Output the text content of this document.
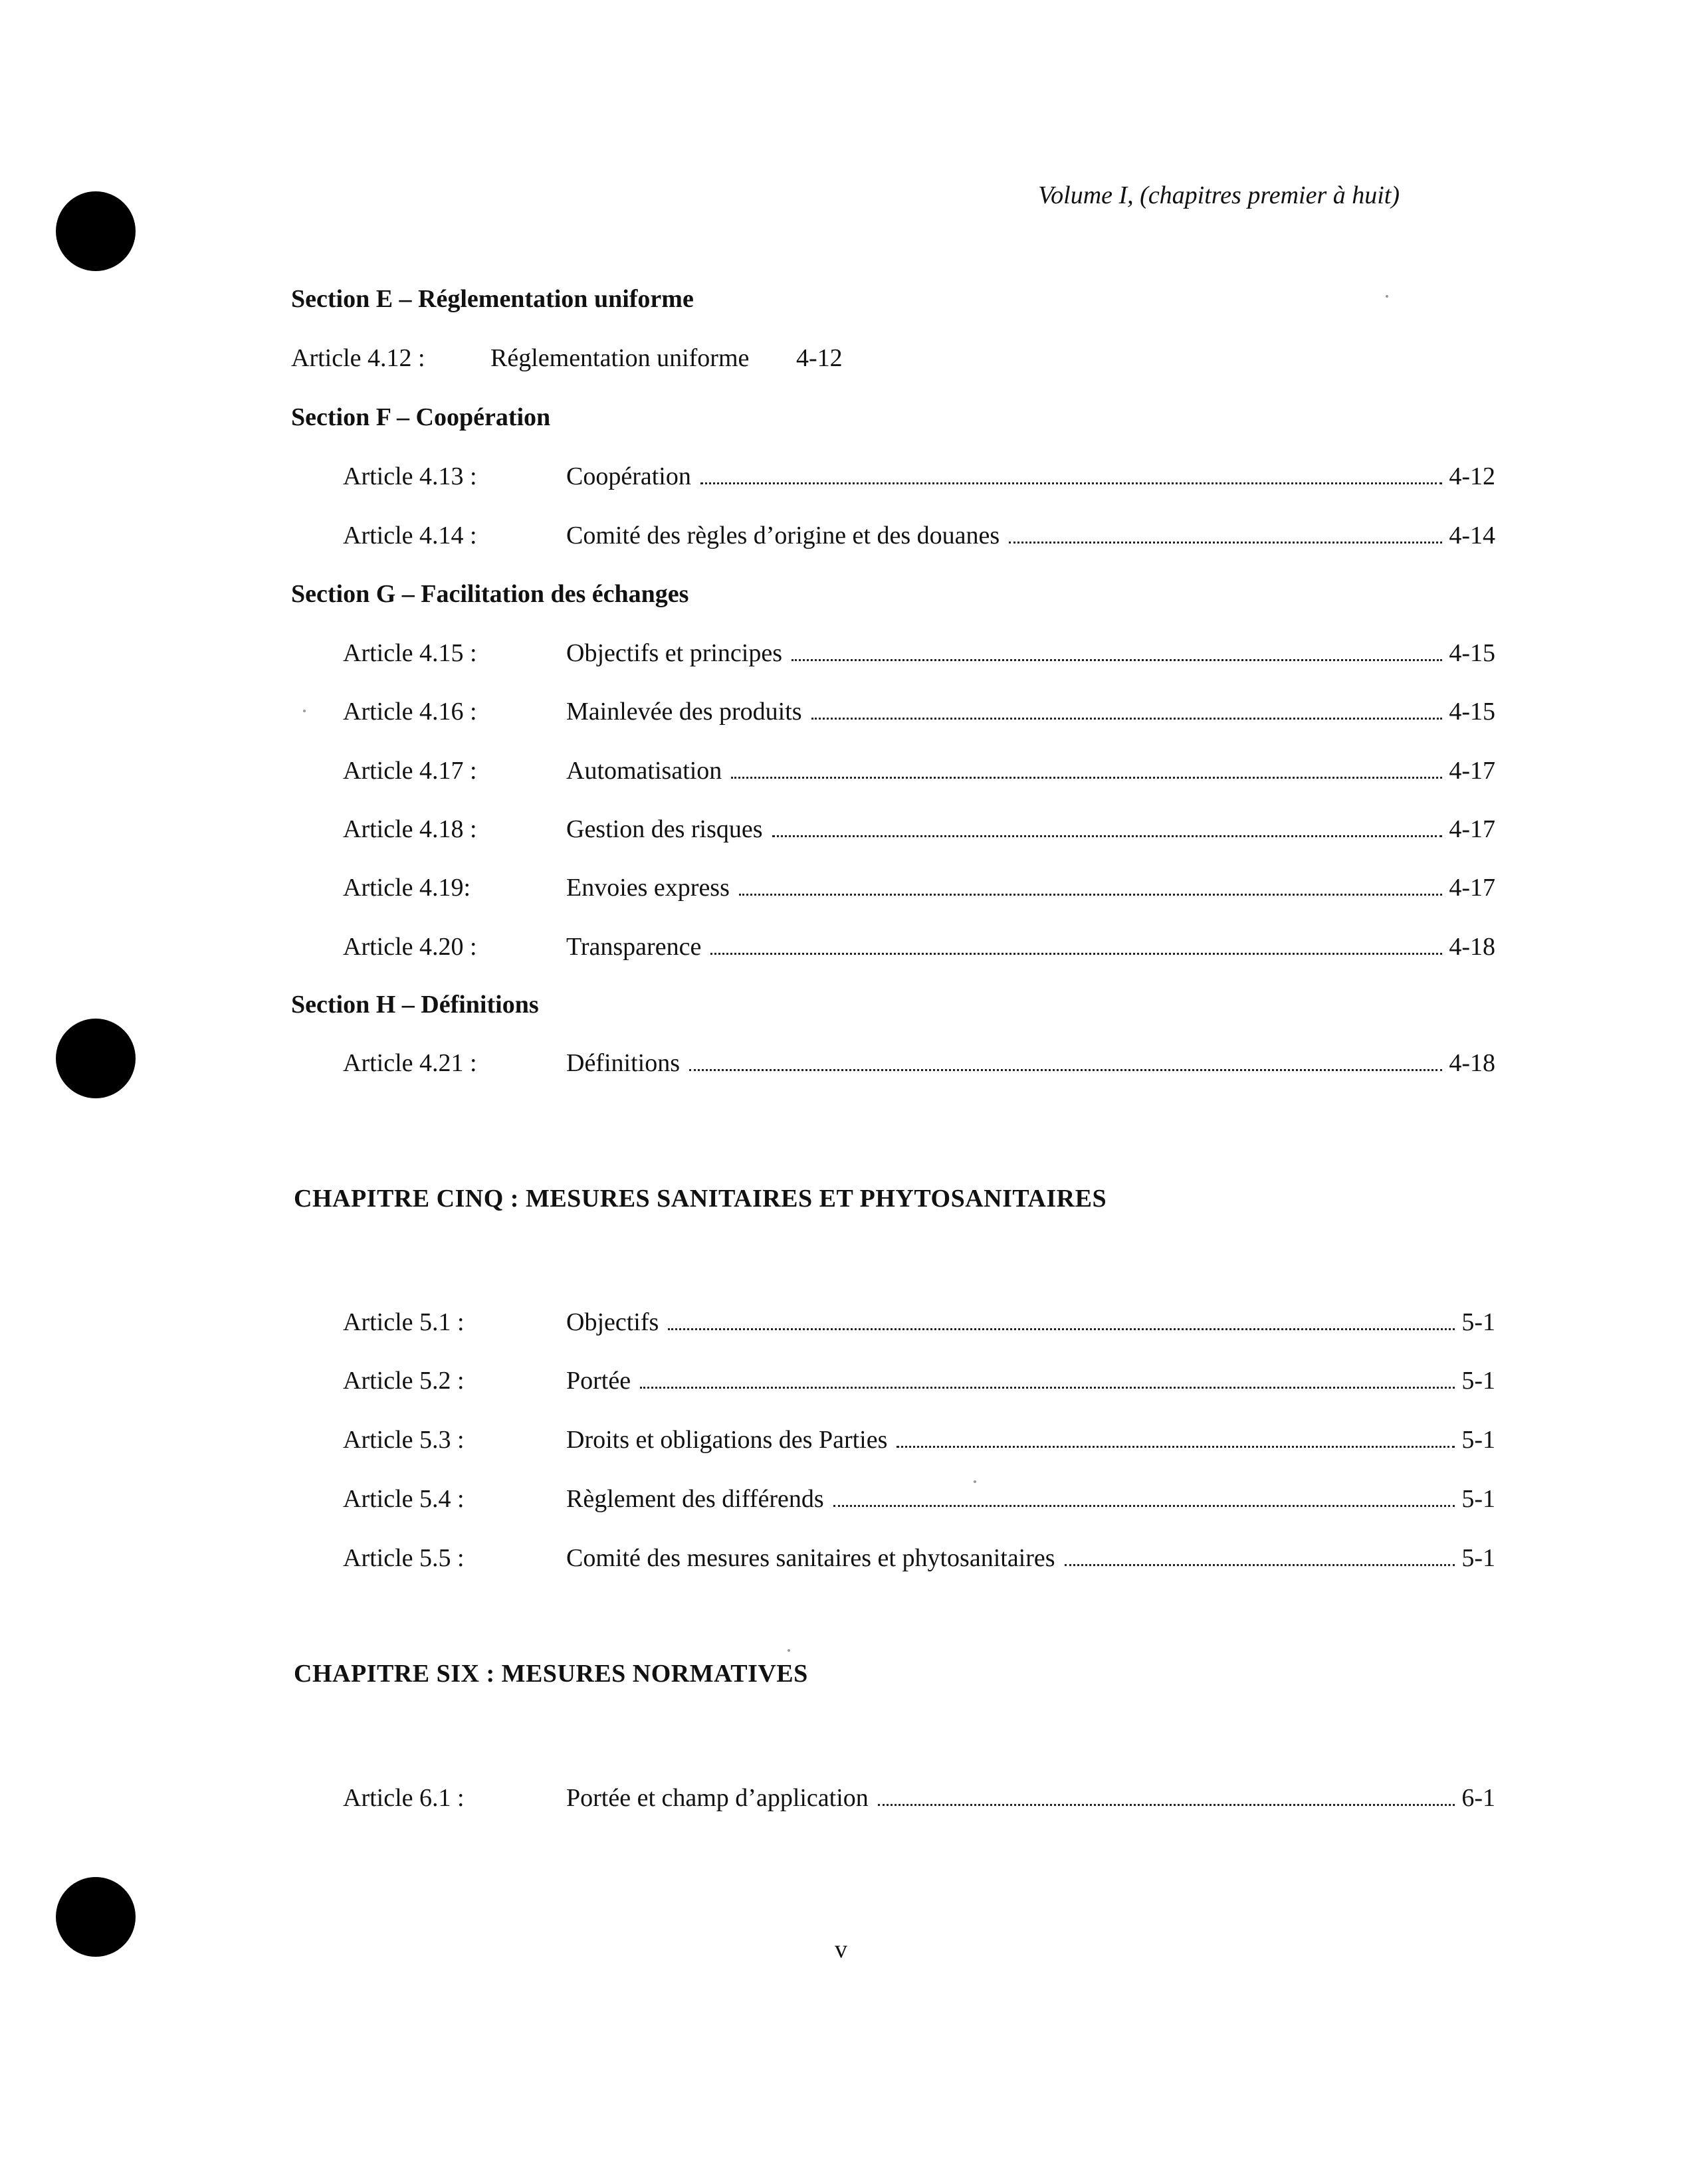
Volume I, (chapitres premier à huit)
Section E – Réglementation uniforme
Article 4.12 :	Réglementation uniforme 4-12
Section F – Coopération
Article 4.13 :	Coopération	4-12
Article 4.14 :	Comité des règles d’origine et des douanes	4-14
Section G – Facilitation des échanges
Article 4.15 :	Objectifs et principes	4-15
Article 4.16 :	Mainlevée des produits	4-15
Article 4.17 :	Automatisation	4-17
Article 4.18 :	Gestion des risques	4-17
Article 4.19:	Envoies express	4-17
Article 4.20 :	Transparence	4-18
Section H – Définitions
Article 4.21 :	Définitions	4-18
CHAPITRE CINQ : MESURES SANITAIRES ET PHYTOSANITAIRES
Article 5.1 :	Objectifs	5-1
Article 5.2 :	Portée	5-1
Article 5.3 :	Droits et obligations des Parties	5-1
Article 5.4 :	Règlement des différends	5-1
Article 5.5 :	Comité des mesures sanitaires et phytosanitaires	5-1
CHAPITRE SIX : MESURES NORMATIVES
Article 6.1 :	Portée et champ d’application	6-1
v
